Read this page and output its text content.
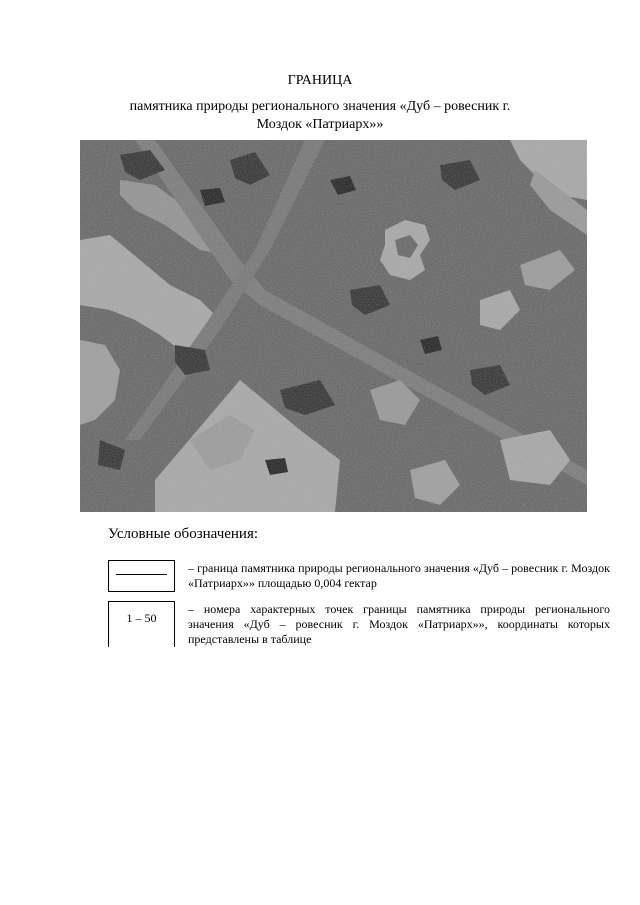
ГРАНИЦА
памятника природы регионального значения «Дуб – ровесник г. Моздок «Патриарх»»
Условные обозначения:
– граница памятника природы регионального значения «Дуб – ровесник г. Моздок «Патриарх»» площадью 0,004 гектар
1 – 50
– номера характерных точек границы памятника природы регионального значения «Дуб – ровесник г. Моздок «Патриарх»», координаты которых представлены в таблице
